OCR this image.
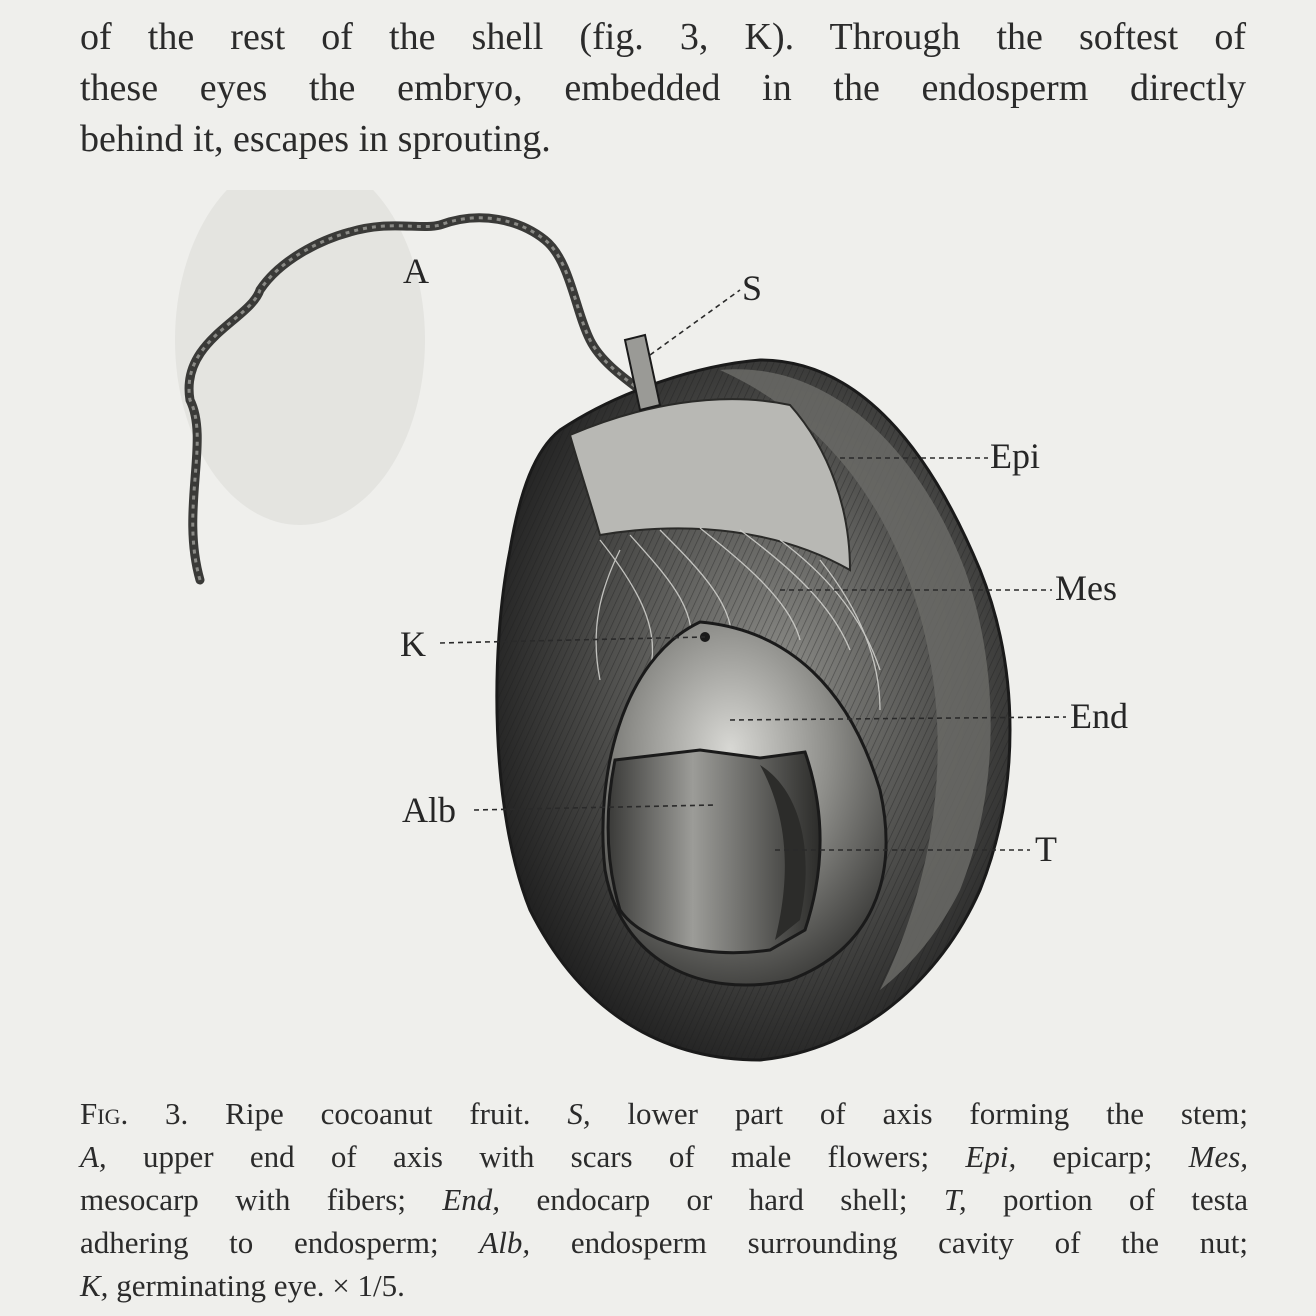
of the rest of the shell (fig. 3, K). Through the softest of
these eyes the embryo, embedded in the endosperm directly
behind it, escapes in sprouting.
A	S
Epi
Mes
K
End
Alb
T
Fig. 3. Ripe cocoanut fruit. S, lower part of axis forming the stem;
A, upper end of axis with scars of male flowers; Epi, epicarp; Mes,
mesocarp with fibers; End, endocarp or hard shell; T, portion of testa
adhering to endosperm; Alb, endosperm surrounding cavity of the nut;
K, germinating eye. × 1/5.
